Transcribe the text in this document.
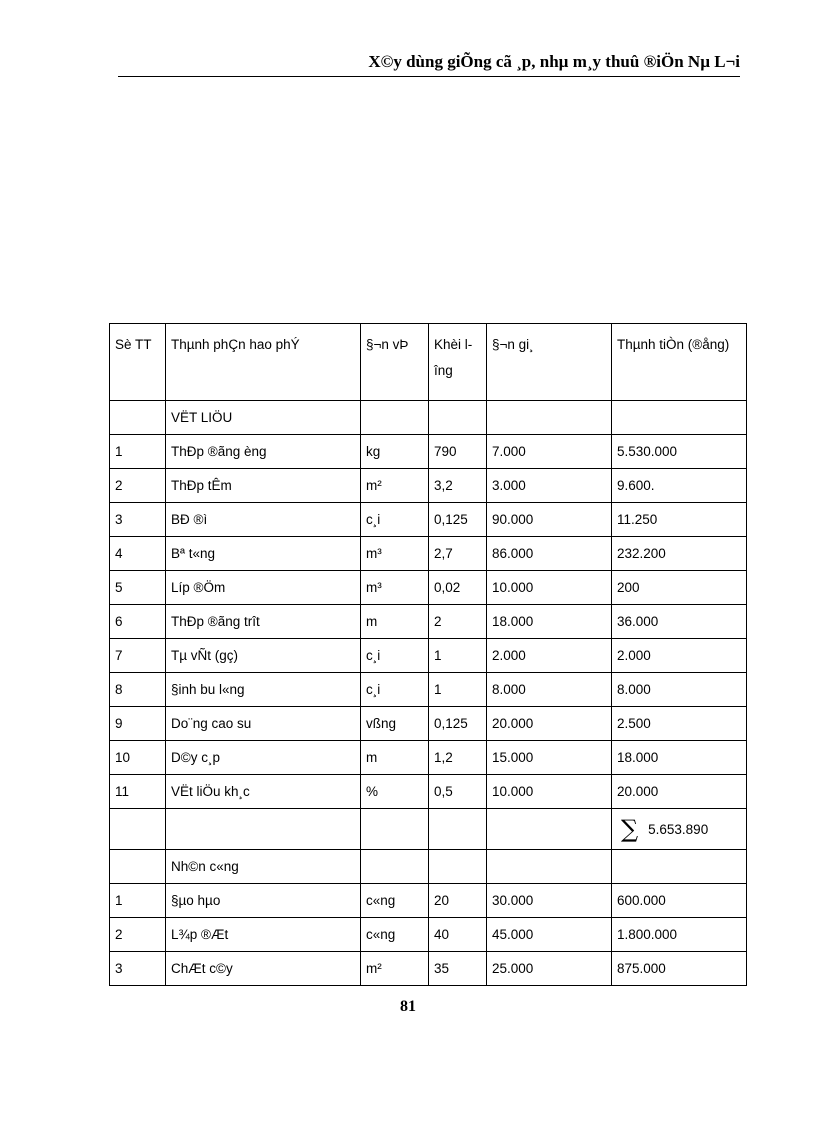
X©y dùng giÕng cã ¸p, nhµ m¸y thuû ®iÖn Nµ L¬i
Sè TT	Thµnh phÇn hao phÝ	§¬n vÞ	Khèi lîng	§¬n gi¸	Thµnh tiÒn (®ång)
	VËT LIÖU				
1	ThÐp ®ãng èng	kg	790	7.000	5.530.000
2	ThÐp tÊm	m²	3,2	3.000	9.600.
3	BÐ ®ì	c¸i	0,125	90.000	11.250
4	Bª t«ng	m³	2,7	86.000	232.200
5	Líp ®Öm	m³	0,02	10.000	200
6	ThÐp ®ãng trît	m	2	18.000	36.000
7	Tµ vÑt (gç)	c¸i	1	2.000	2.000
8	§inh bu l«ng	c¸i	1	8.000	8.000
9	Do¨ng cao su	vßng	0,125	20.000	2.500
10	D©y c¸p	m	1,2	15.000	18.000
11	VËt liÖu kh¸c	%	0,5	10.000	20.000
					∑ 5.653.890
	Nh©n c«ng				
1	§µo hµo	c«ng	20	30.000	600.000
2	L¾p ®Æt	c«ng	40	45.000	1.800.000
3	ChÆt c©y	m²	35	25.000	875.000
81
